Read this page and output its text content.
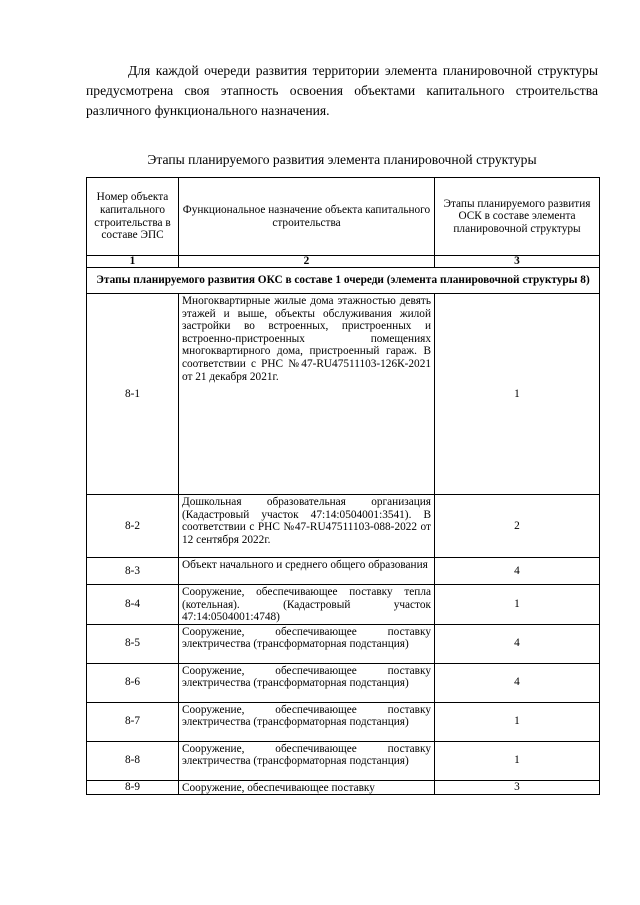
Для каждой очереди развития территории элемента планировочной структуры предусмотрена своя этапность освоения объектами капитального строительства различного функционального назначения.

Этапы планируемого развития элемента планировочной структуры

Номер объекта капитального строительства в составе ЭПС	Функциональное назначение объекта капитального строительства	Этапы планируемого развития ОСК в составе элемента планировочной структуры
1	2	3
Этапы планируемого развития ОКС в составе 1 очереди (элемента планировочной структуры 8)		
8-1	Многоквартирные жилые дома этажностью девять этажей и выше, объекты обслуживания жилой застройки во встроенных, пристроенных и встроенно-пристроенных помещениях многоквартирного дома, пристроенный гараж. В соответствии с РНС №47-RU47511103-126К-2021 от 21 декабря 2021г.	1
8-2	Дошкольная образовательная организация (Кадастровый участок 47:14:0504001:3541). В соответствии с РНС №47-RU47511103-088-2022 от 12 сентября 2022г.	2
8-3	Объект начального и среднего общего образования	4
8-4	Сооружение, обеспечивающее поставку тепла (котельная). (Кадастровый участок 47:14:0504001:4748)	1
8-5	Сооружение, обеспечивающее поставку электричества (трансформаторная подстанция)	4
8-6	Сооружение, обеспечивающее поставку электричества (трансформаторная подстанция)	4
8-7	Сооружение, обеспечивающее поставку электричества (трансформаторная подстанция)	1
8-8	Сооружение, обеспечивающее поставку электричества (трансформаторная подстанция)	1
8-9	Сооружение, обеспечивающее поставку	3
